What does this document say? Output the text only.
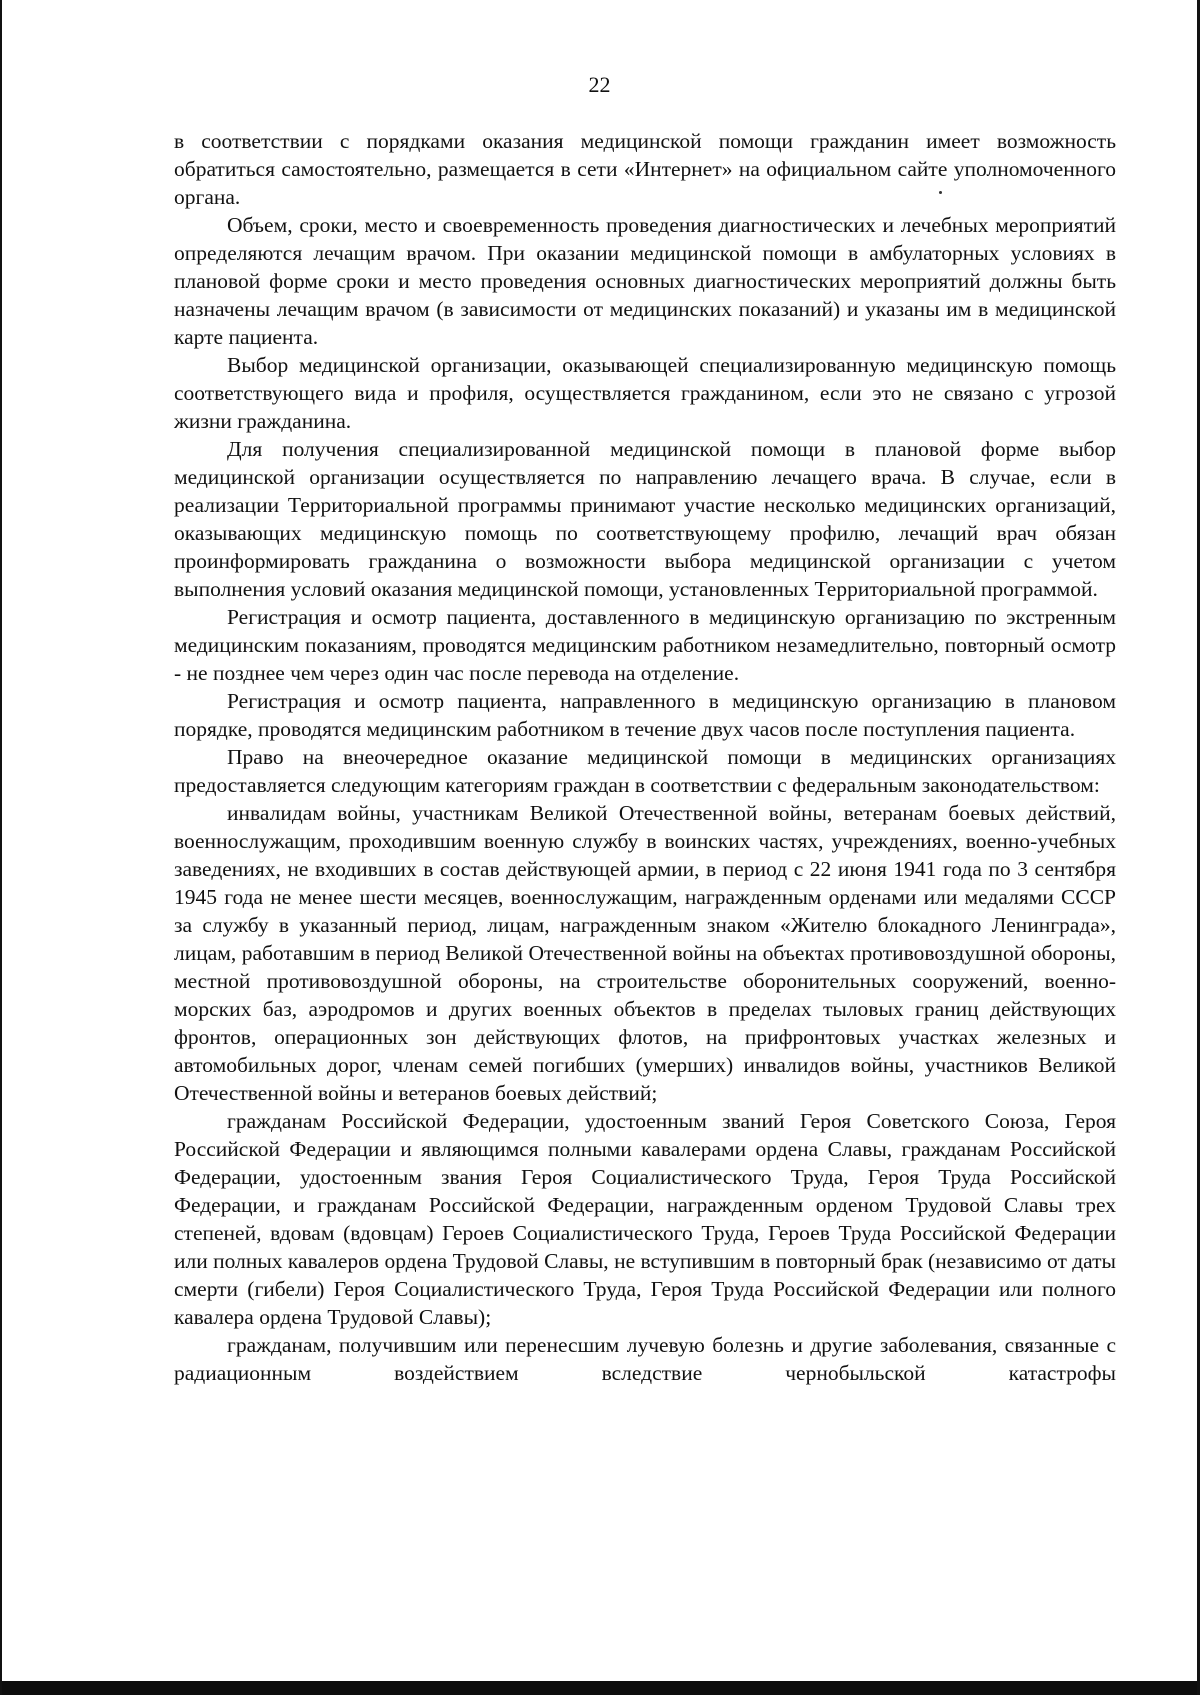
22

в соответствии с порядками оказания медицинской помощи гражданин имеет возможность обратиться самостоятельно, размещается в сети «Интернет» на официальном сайте уполномоченного органа.

Объем, сроки, место и своевременность проведения диагностических и лечебных мероприятий определяются лечащим врачом. При оказании медицинской помощи в амбулаторных условиях в плановой форме сроки и место проведения основных диагностических мероприятий должны быть назначены лечащим врачом (в зависимости от медицинских показаний) и указаны им в медицинской карте пациента.

Выбор медицинской организации, оказывающей специализированную медицинскую помощь соответствующего вида и профиля, осуществляется гражданином, если это не связано с угрозой жизни гражданина.

Для получения специализированной медицинской помощи в плановой форме выбор медицинской организации осуществляется по направлению лечащего врача. В случае, если в реализации Территориальной программы принимают участие несколько медицинских организаций, оказывающих медицинскую помощь по соответствующему профилю, лечащий врач обязан проинформировать гражданина о возможности выбора медицинской организации с учетом выполнения условий оказания медицинской помощи, установленных Территориальной программой.

Регистрация и осмотр пациента, доставленного в медицинскую организацию по экстренным медицинским показаниям, проводятся медицинским работником незамедлительно, повторный осмотр - не позднее чем через один час после перевода на отделение.

Регистрация и осмотр пациента, направленного в медицинскую организацию в плановом порядке, проводятся медицинским работником в течение двух часов после поступления пациента.

Право на внеочередное оказание медицинской помощи в медицинских организациях предоставляется следующим категориям граждан в соответствии с федеральным законодательством:

инвалидам войны, участникам Великой Отечественной войны, ветеранам боевых действий, военнослужащим, проходившим военную службу в воинских частях, учреждениях, военно-учебных заведениях, не входивших в состав действующей армии, в период с 22 июня 1941 года по 3 сентября 1945 года не менее шести месяцев, военнослужащим, награжденным орденами или медалями СССР за службу в указанный период, лицам, награжденным знаком «Жителю блокадного Ленинграда», лицам, работавшим в период Великой Отечественной войны на объектах противовоздушной обороны, местной противовоздушной обороны, на строительстве оборонительных сооружений, военно-морских баз, аэродромов и других военных объектов в пределах тыловых границ действующих фронтов, операционных зон действующих флотов, на прифронтовых участках железных и автомобильных дорог, членам семей погибших (умерших) инвалидов войны, участников Великой Отечественной войны и ветеранов боевых действий;

гражданам Российской Федерации, удостоенным званий Героя Советского Союза, Героя Российской Федерации и являющимся полными кавалерами ордена Славы, гражданам Российской Федерации, удостоенным звания Героя Социалистического Труда, Героя Труда Российской Федерации, и гражданам Российской Федерации, награжденным орденом Трудовой Славы трех степеней, вдовам (вдовцам) Героев Социалистического Труда, Героев Труда Российской Федерации или полных кавалеров ордена Трудовой Славы, не вступившим в повторный брак (независимо от даты смерти (гибели) Героя Социалистического Труда, Героя Труда Российской Федерации или полного кавалера ордена Трудовой Славы);

гражданам, получившим или перенесшим лучевую болезнь и другие заболевания, связанные с радиационным воздействием вследствие чернобыльской катастрофы
